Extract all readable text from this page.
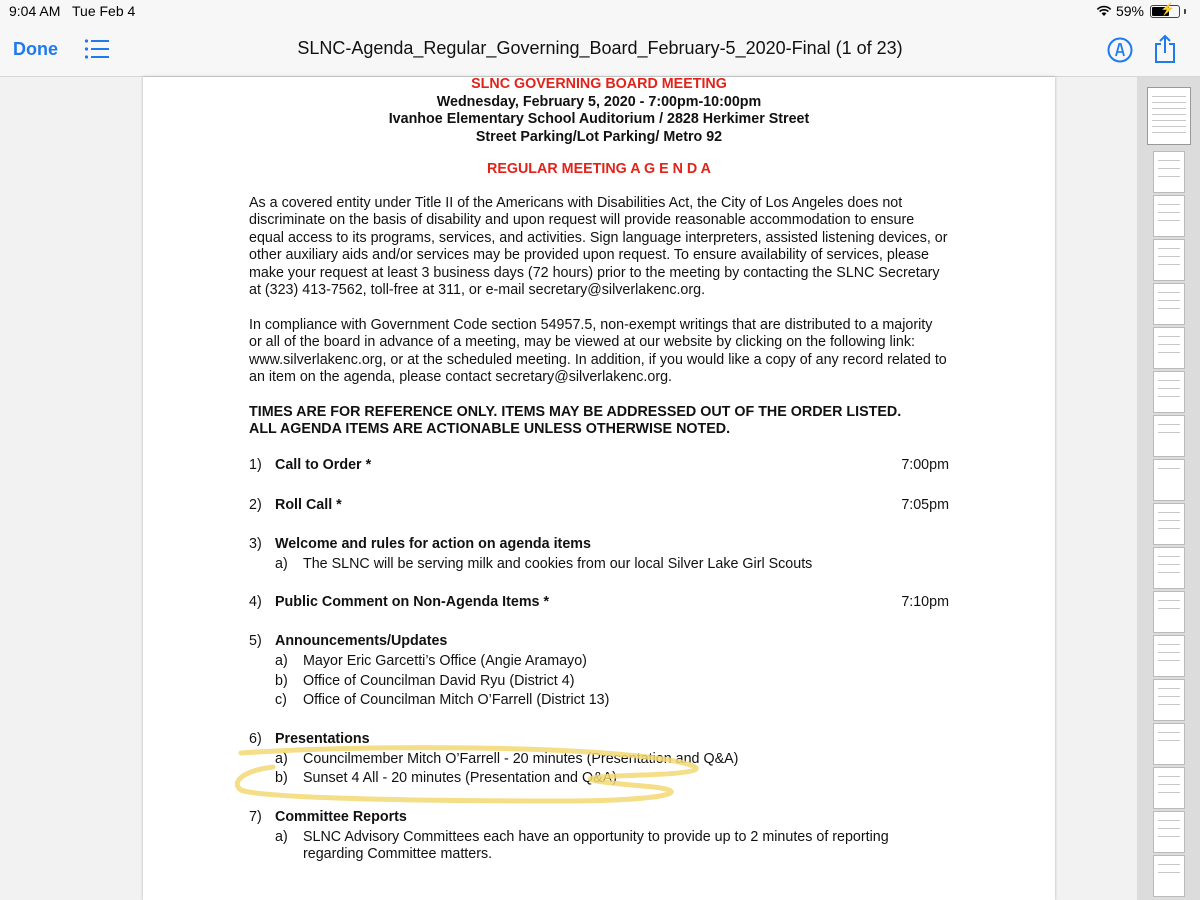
9:04 AM Tue Feb 4	59% ⚡
Done	SLNC-Agenda_Regular_Governing_Board_February-5_2020-Final (1 of 23)

SLNC GOVERNING BOARD MEETING

Wednesday, February 5, 2020 - 7:00pm-10:00pm

Ivanhoe Elementary School Auditorium / 2828 Herkimer Street

Street Parking/Lot Parking/ Metro 92

REGULAR MEETING A G E N D A

As a covered entity under Title II of the Americans with Disabilities Act, the City of Los Angeles does not discriminate on the basis of disability and upon request will provide reasonable accommodation to ensure equal access to its programs, services, and activities. Sign language interpreters, assisted listening devices, or other auxiliary aids and/or services may be provided upon request. To ensure availability of services, please make your request at least 3 business days (72 hours) prior to the meeting by contacting the SLNC Secretary at (323) 413-7562, toll-free at 311, or e-mail secretary@silverlakenc.org.

In compliance with Government Code section 54957.5, non-exempt writings that are distributed to a majority or all of the board in advance of a meeting, may be viewed at our website by clicking on the following link: www.silverlakenc.org, or at the scheduled meeting. In addition, if you would like a copy of any record related to an item on the agenda, please contact secretary@silverlakenc.org.

TIMES ARE FOR REFERENCE ONLY. ITEMS MAY BE ADDRESSED OUT OF THE ORDER LISTED.

ALL AGENDA ITEMS ARE ACTIONABLE UNLESS OTHERWISE NOTED.

1) Call to Order *	7:00pm
2) Roll Call *	7:05pm
3) Welcome and rules for action on agenda items
a) The SLNC will be serving milk and cookies from our local Silver Lake Girl Scouts

4) Public Comment on Non-Agenda Items *	7:10pm
5) Announcements/Updates
a) Mayor Eric Garcetti’s Office (Angie Aramayo)

b) Office of Councilman David Ryu (District 4)

c) Office of Councilman Mitch O’Farrell (District 13)

6) Presentations
a) Councilmember Mitch O’Farrell - 20 minutes (Presentation and Q&A)

b) Sunset 4 All - 20 minutes (Presentation and Q&A)

7) Committee Reports
a) SLNC Advisory Committees each have an opportunity to provide up to 2 minutes of reporting regarding Committee matters.
